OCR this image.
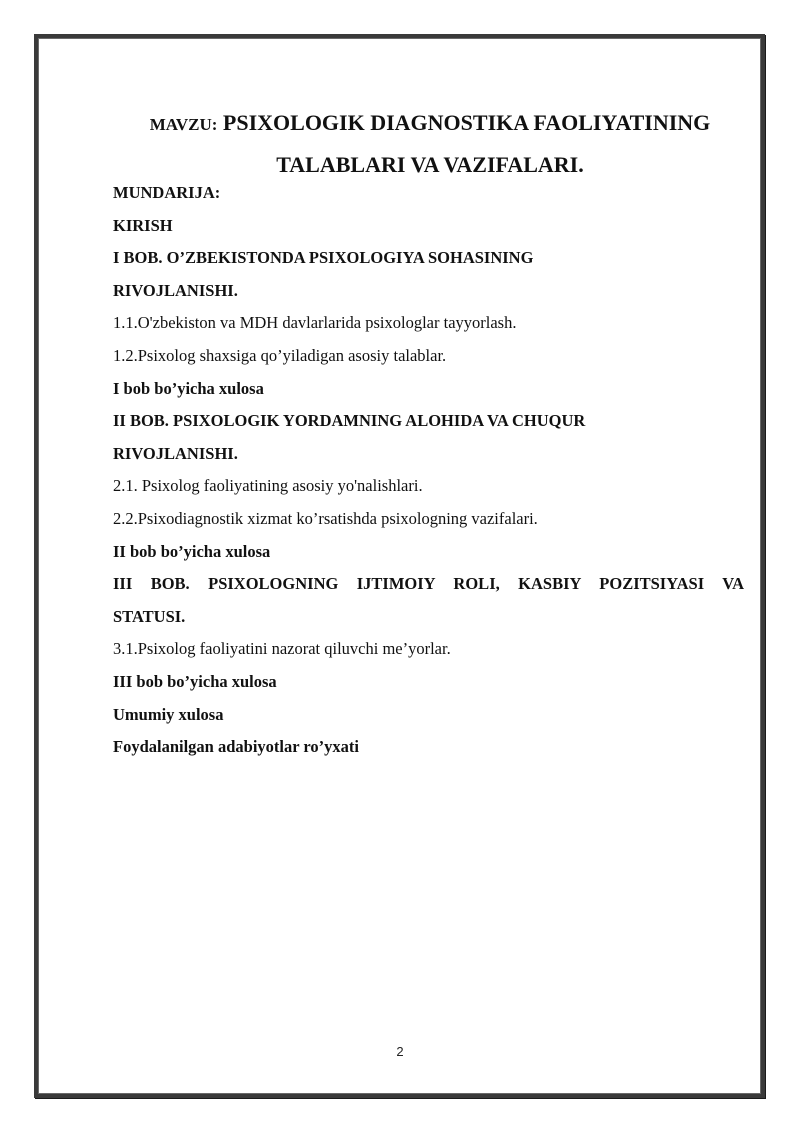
MAVZU: PSIXOLOGIK DIAGNOSTIKA FAOLIYATINING
TALABLARI VA VAZIFALARI.
MUNDARIJA:
KIRISH
I BOB. O’ZBEKISTONDA PSIXOLOGIYA SOHASINING
RIVOJLANISHI.
1.1.O'zbekiston va MDH davlarlarida psixologlar tayyorlash.
1.2.Psixolog shaxsiga qo’yiladigan asosiy talablar.
I bob bo’yicha xulosa
II BOB. PSIXOLOGIK YORDAMNING ALOHIDA VA CHUQUR
RIVOJLANISHI.
2.1. Psixolog faoliyatining asosiy yo'nalishlari.
2.2.Psixodiagnostik xizmat ko’rsatishda psixologning vazifalari.
II bob bo’yicha xulosa
III BOB. PSIXOLOGNING IJTIMOIY ROLI, KASBIY POZITSIYASI VA
STATUSI.
3.1.Psixolog faoliyatini nazorat qiluvchi me’yorlar.
III bob bo’yicha xulosa
Umumiy xulosa
Foydalanilgan adabiyotlar ro’yxati
2
